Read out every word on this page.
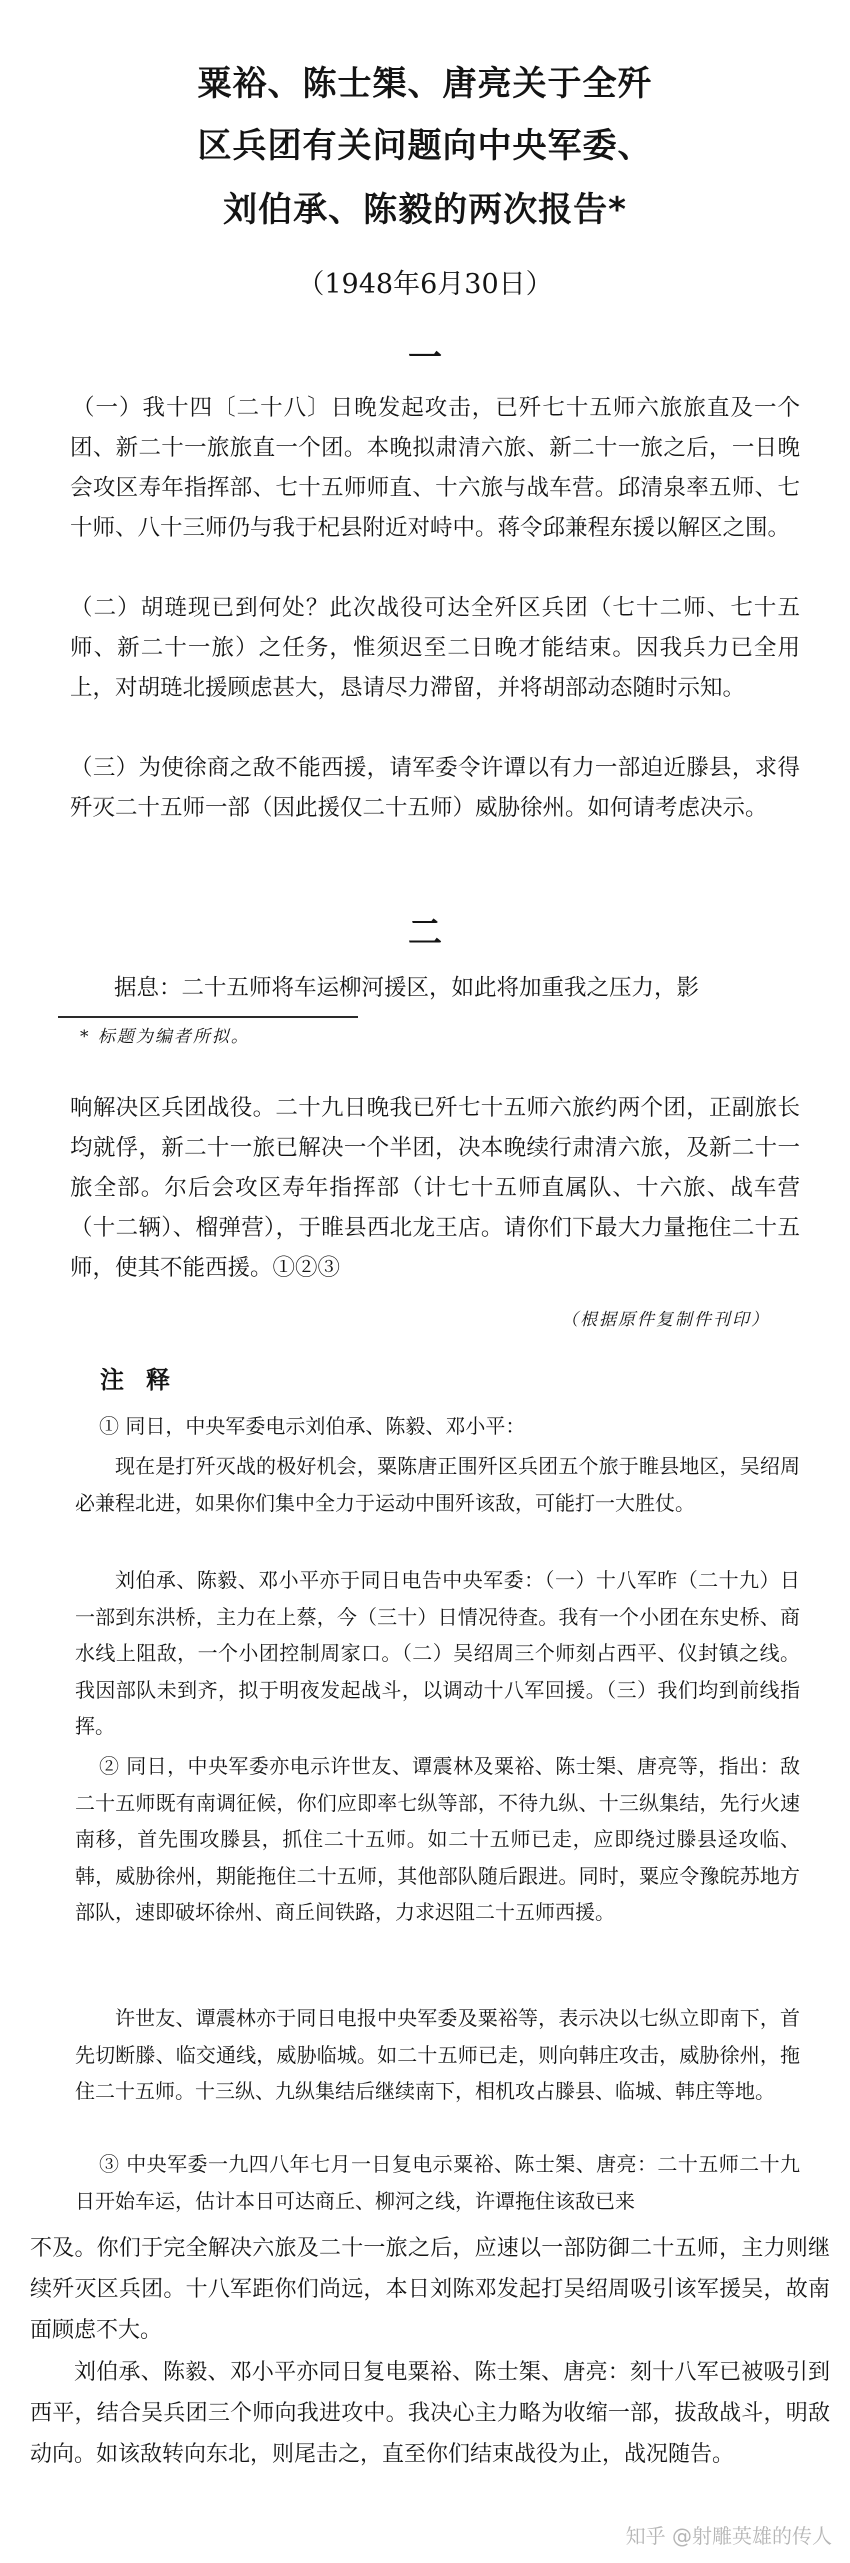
粟裕、陈士榘、唐亮关于全歼
区兵团有关问题向中央军委、
刘伯承、陈毅的两次报告*
（1948年6月30日）
一

（一）我十四〔二十八〕日晚发起攻击，已歼七十五师六旅旅直及一个团、新二十一旅旅直一个团。本晚拟肃清六旅、新二十一旅之后，一日晚会攻区寿年指挥部、七十五师师直、十六旅与战车营。邱清泉率五师、七十师、八十三师仍与我于杞县附近对峙中。蒋令邱兼程东援以解区之围。

（二）胡琏现已到何处？此次战役可达全歼区兵团（七十二师、七十五师、新二十一旅）之任务，惟须迟至二日晚才能结束。因我兵力已全用上，对胡琏北援顾虑甚大，恳请尽力滞留，并将胡部动态随时示知。

（三）为使徐商之敌不能西援，请军委令许谭以有力一部迫近滕县，求得歼灭二十五师一部（因此援仅二十五师）威胁徐州。如何请考虑决示。

二

据息：二十五师将车运柳河援区，如此将加重我之压力，影

* 标题为编者所拟。

响解决区兵团战役。二十九日晚我已歼七十五师六旅约两个团，正副旅长均就俘，新二十一旅已解决一个半团，决本晚续行肃清六旅，及新二十一旅全部。尔后会攻区寿年指挥部（计七十五师直属队、十六旅、战车营（十二辆）、榴弹营），于睢县西北龙王店。请你们下最大力量拖住二十五师，使其不能西援。①②③

（根据原件复制件刊印）
注释

① 同日，中央军委电示刘伯承、陈毅、邓小平：

现在是打歼灭战的极好机会，粟陈唐正围歼区兵团五个旅于睢县地区，吴绍周必兼程北进，如果你们集中全力于运动中围歼该敌，可能打一大胜仗。

刘伯承、陈毅、邓小平亦于同日电告中央军委：（一）十八军昨（二十九）日一部到东洪桥，主力在上蔡，今（三十）日情况待查。我有一个小团在东史桥、商水线上阻敌，一个小团控制周家口。（二）吴绍周三个师刻占西平、仪封镇之线。我因部队未到齐，拟于明夜发起战斗，以调动十八军回援。（三）我们均到前线指挥。

② 同日，中央军委亦电示许世友、谭震林及粟裕、陈士榘、唐亮等，指出：敌二十五师既有南调征候，你们应即率七纵等部，不待九纵、十三纵集结，先行火速南移，首先围攻滕县，抓住二十五师。如二十五师已走，应即绕过滕县迳攻临、韩，威胁徐州，期能拖住二十五师，其他部队随后跟进。同时，粟应令豫皖苏地方部队，速即破坏徐州、商丘间铁路，力求迟阻二十五师西援。

许世友、谭震林亦于同日电报中央军委及粟裕等，表示决以七纵立即南下，首先切断滕、临交通线，威胁临城。如二十五师已走，则向韩庄攻击，威胁徐州，拖住二十五师。十三纵、九纵集结后继续南下，相机攻占滕县、临城、韩庄等地。

③ 中央军委一九四八年七月一日复电示粟裕、陈士榘、唐亮：二十五师二十九日开始车运，估计本日可达商丘、柳河之线，许谭拖住该敌已来

不及。你们于完全解决六旅及二十一旅之后，应速以一部防御二十五师，主力则继续歼灭区兵团。十八军距你们尚远，本日刘陈邓发起打吴绍周吸引该军援吴，故南面顾虑不大。

刘伯承、陈毅、邓小平亦同日复电粟裕、陈士榘、唐亮：刻十八军已被吸引到西平，结合吴兵团三个师向我进攻中。我决心主力略为收缩一部，拔敌战斗，明敌动向。如该敌转向东北，则尾击之，直至你们结束战役为止，战况随告。

知乎 @射雕英雄的传人
